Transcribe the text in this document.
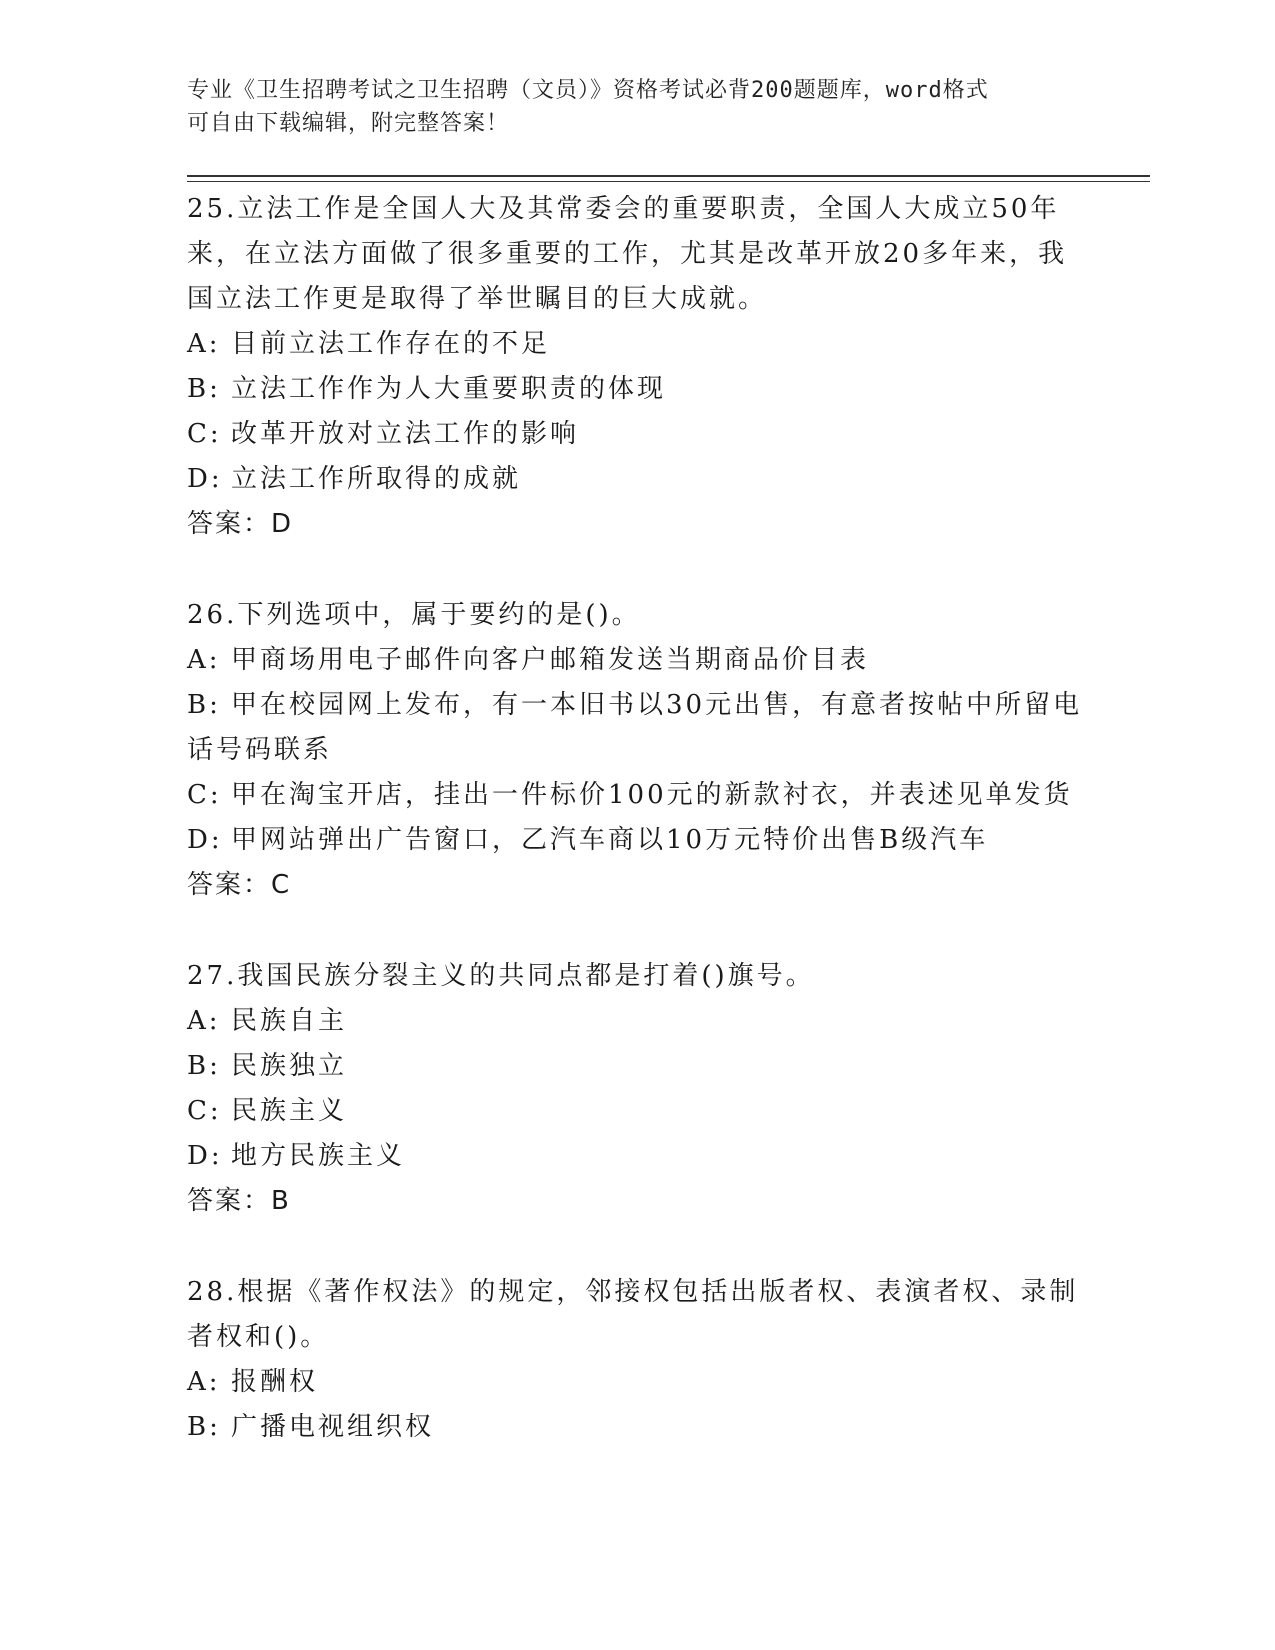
专业《卫生招聘考试之卫生招聘（文员）》资格考试必背200题题库，word格式
可自由下载编辑，附完整答案！

25.立法工作是全国人大及其常委会的重要职责，全国人大成立50年来，在立法方面做了很多重要的工作，尤其是改革开放20多年来，我国立法工作更是取得了举世瞩目的巨大成就。

A: 目前立法工作存在的不足

B: 立法工作作为人大重要职责的体现

C: 改革开放对立法工作的影响

D: 立法工作所取得的成就

答案：D

26.下列选项中，属于要约的是()。

A: 甲商场用电子邮件向客户邮箱发送当期商品价目表

B: 甲在校园网上发布，有一本旧书以30元出售，有意者按帖中所留电话号码联系

C: 甲在淘宝开店，挂出一件标价100元的新款衬衣，并表述见单发货

D: 甲网站弹出广告窗口，乙汽车商以10万元特价出售B级汽车

答案：C

27.我国民族分裂主义的共同点都是打着()旗号。

A: 民族自主

B: 民族独立

C: 民族主义

D: 地方民族主义

答案：B

28.根据《著作权法》的规定，邻接权包括出版者权、表演者权、录制者权和()。

A: 报酬权

B: 广播电视组织权
